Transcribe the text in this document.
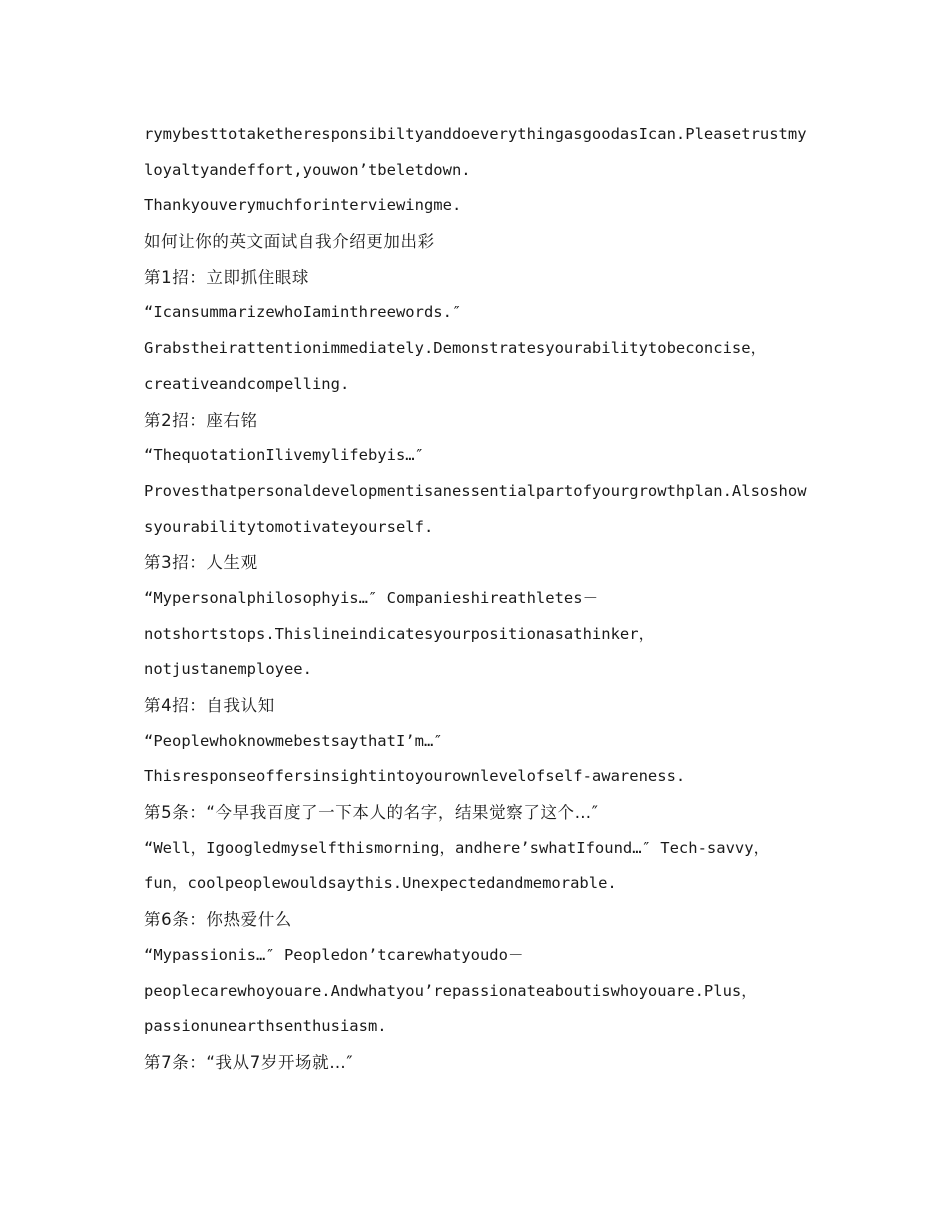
rymybesttotaketheresponsibiltyanddoeverythingasgoodasIcan.Pleasetrustmy
loyaltyandeffort,youwon’tbeletdown.
Thankyouverymuchforinterviewingme.
如何让你的英文面试自我介绍更加出彩
第1招：立即抓住眼球
“IcansummarizewhoIaminthreewords.″
Grabstheirattentionimmediately.Demonstratesyourabilitytobeconcise，
creativeandcompelling.
第2招：座右铭
“ThequotationIlivemylifebyis…″
Provesthatpersonaldevelopmentisanessentialpartofyourgrowthplan.Alsoshow
syourabilitytomotivateyourself.
第3招：人生观
“Mypersonalphilosophyis…″ Companieshireathletes－
notshortstops.Thislineindicatesyourpositionasathinker，
notjustanemployee.
第4招：自我认知
“PeoplewhoknowmebestsaythatI’m…″
Thisresponseoffersinsightintoyourownlevelofself-awareness.
第5条：“今早我百度了一下本人的名字，结果觉察了这个…″
“Well，Igoogledmyselfthismorning，andhere’swhatIfound…″ Tech-savvy，
fun，coolpeoplewouldsaythis.Unexpectedandmemorable.
第6条：你热爱什么
“Mypassionis…″ Peopledon’tcarewhatyoudo－
peoplecarewhoyouare.Andwhatyou’repassionateaboutiswhoyouare.Plus，
passionunearthsenthusiasm.
第7条：“我从7岁开场就…″
